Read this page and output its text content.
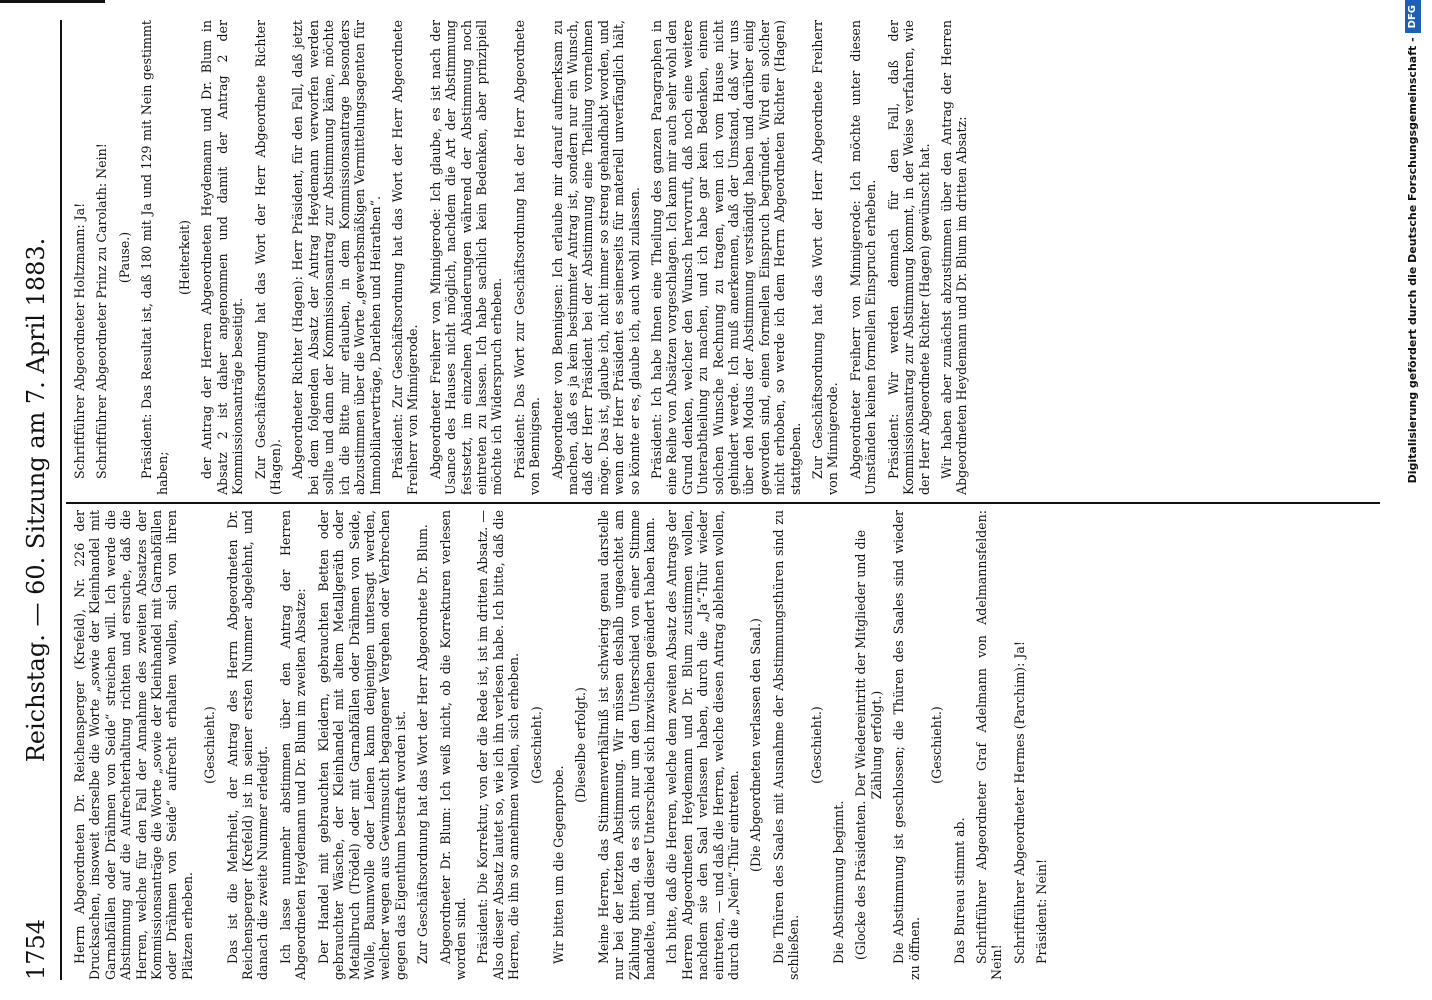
1754
Reichstag. — 60. Sitzung am 7. April 1883. Herrn Abgeordneten Dr. Reichensperger (Krefeld), Nr. 226 der Drucksachen, insoweit derselbe die Worte „sowie der Kleinhandel mit Garnabfällen oder Drähmen von Seide“ streichen will. Ich werde die Abstimmung auf die Aufrechterhaltung richten und ersuche, daß die Herren, welche für den Fall der Annahme des zweiten Absatzes der Kommissionsanträge die Worte „sowie der Kleinhandel mit Garnabfällen oder Drähmen von Seide“ aufrecht erhalten wollen, sich von ihren Plätzen erheben.

(Geschieht.) Das ist die Mehrheit, der Antrag des Herrn Abgeordneten Dr. Reichensperger (Krefeld) ist in seiner ersten Nummer abgelehnt, und danach die zweite Nummer erledigt. Ich lasse nunmehr abstimmen über den Antrag der Herren Abgeordneten Heydemann und Dr. Blum im zweiten Absatze: Der Handel mit gebrauchten Kleidern, gebrauchten Betten oder gebrauchter Wäsche, der Kleinhandel mit altem Metallgeräth oder Metallbruch (Trödel) oder mit Garnabfällen oder Drähmen von Seide, Wolle, Baumwolle oder Leinen kann denjenigen untersagt werden, welcher wegen aus Gewinnsucht begangener Vergehen oder Verbrechen gegen das Eigenthum bestraft worden ist. Zur Geschäftsordnung hat das Wort der Herr Abgeordnete Dr. Blum. Abgeordneter Dr. Blum: Ich weiß nicht, ob die Korrekturen verlesen worden sind. Präsident: Die Korrektur, von der die Rede ist, ist im dritten Absatz. — Also dieser Absatz lautet so, wie ich ihn verlesen habe. Ich bitte, daß die Herren, die ihn so annehmen wollen, sich erheben. (Geschieht.)

Wir bitten um die Gegenprobe.

(Dieselbe erfolgt.) Meine Herren, das Stimmenverhältniß ist schwierig genau darstelle nur bei der letzten Abstimmung. Wir müssen deshalb ungeachtet am Zählung bitten, da es sich nur um den Unterschied von einer Stimme handelte, und dieser Unterschied sich inzwischen geändert haben kann. Ich bitte, daß die Herren, welche dem zweiten Absatz des Antrags der Herren Abgeordneten Heydemann und Dr. Blum zustimmen wollen, nachdem sie den Saal verlassen haben, durch die „Ja“-Thür wieder eintreten, — und daß die Herren, welche diesen Antrag ablehnen wollen, durch die „Nein“-Thür eintreten.

(Die Abgeordneten verlassen den Saal.) Die Thüren des Saales mit Ausnahme der Abstimmungsthüren sind zu schließen.

(Geschieht.)

Die Abstimmung beginnt. (Glocke des Präsidenten. Der Wiedereintritt der Mitglieder und die Zählung erfolgt.) Die Abstimmung ist geschlossen; die Thüren des Saales sind wieder zu öffnen.

(Geschieht.)

Das Bureau stimmt ab. Schriftführer Abgeordneter Graf Adelmann von Adelmannsfelden: Nein! Schriftführer Abgeordneter Hermes (Parchim): Ja! Präsident: Nein!

Schriftführer Abgeordneter Holtzmann: Ja! Schriftführer Abgeordneter Prinz zu Carolath: Nein! (Pause.) Präsident: Das Resultat ist, daß 180 mit Ja und 129 mit Nein gestimmt haben;

(Heiterkeit) der Antrag der Herren Abgeordneten Heydemann und Dr. Blum in Absatz 2 ist daher angenommen und damit der Antrag 2 der Kommissionsanträge beseitigt. Zur Geschäftsordnung hat das Wort der Herr Abgeordnete Richter (Hagen). Abgeordneter Richter (Hagen): Herr Präsident, für den Fall, daß jetzt bei dem folgenden Absatz der Antrag Heydemann verworfen werden sollte und dann der Kommissionsantrag zur Abstimmung käme, möchte ich die Bitte mir erlauben, in dem Kommissionsantrage besonders abzustimmen über die Worte „gewerbsmäßigen Vermittelungsagenten für Immobiliarverträge, Darlehen und Heirathen“. Präsident: Zur Geschäftsordnung hat das Wort der Herr Abgeordnete Freiherr von Minnigerode. Abgeordneter Freiherr von Minnigerode: Ich glaube, es ist nach der Usance des Hauses nicht möglich, nachdem die Art der Abstimmung festsetzt, im einzelnen Abänderungen während der Abstimmung noch eintreten zu lassen. Ich habe sachlich kein Bedenken, aber prinzipiell möchte ich Widerspruch erheben. Präsident: Das Wort zur Geschäftsordnung hat der Herr Abgeordnete von Bennigsen. Abgeordneter von Bennigsen: Ich erlaube mir darauf aufmerksam zu machen, daß es ja kein bestimmter Antrag ist, sondern nur ein Wunsch, daß der Herr Präsident bei der Abstimmung eine Theilung vornehmen möge. Das ist, glaube ich, nicht immer so streng gehandhabt worden, und wenn der Herr Präsident es seinerseits für materiell unverfänglich hält, so könnte er es, glaube ich, auch wohl zulassen. Präsident: Ich habe Ihnen eine Theilung des ganzen Paragraphen in eine Reihe von Absätzen vorgeschlagen. Ich kann mir auch sehr wohl den Grund denken, welcher den Wunsch hervorruft, daß noch eine weitere Unterabtheilung zu machen, und ich habe gar kein Bedenken, einem solchen Wunsche Rechnung zu tragen, wenn ich vom Hause nicht gehindert werde. Ich muß anerkennen, daß der Umstand, daß wir uns über den Modus der Abstimmung verständigt haben und darüber einig geworden sind, einen formellen Einspruch begründet. Wird ein solcher nicht erhoben, so werde ich dem Herrn Abgeordneten Richter (Hagen) stattgeben. Zur Geschäftsordnung hat das Wort der Herr Abgeordnete Freiherr von Minnigerode. Abgeordneter Freiherr von Minnigerode: Ich möchte unter diesen Umständen keinen formellen Einspruch erheben. Präsident: Wir werden demnach für den Fall, daß der Kommissionsantrag zur Abstimmung kommt, in der Weise verfahren, wie der Herr Abgeordnete Richter (Hagen) gewünscht hat. Wir haben aber zunächst abzustimmen über den Antrag der Herren Abgeordneten Heydemann und Dr. Blum im dritten Absatz:	Digitalisierung gefördert durch die Deutsche Forschungsgemeinschaft -
DFG
